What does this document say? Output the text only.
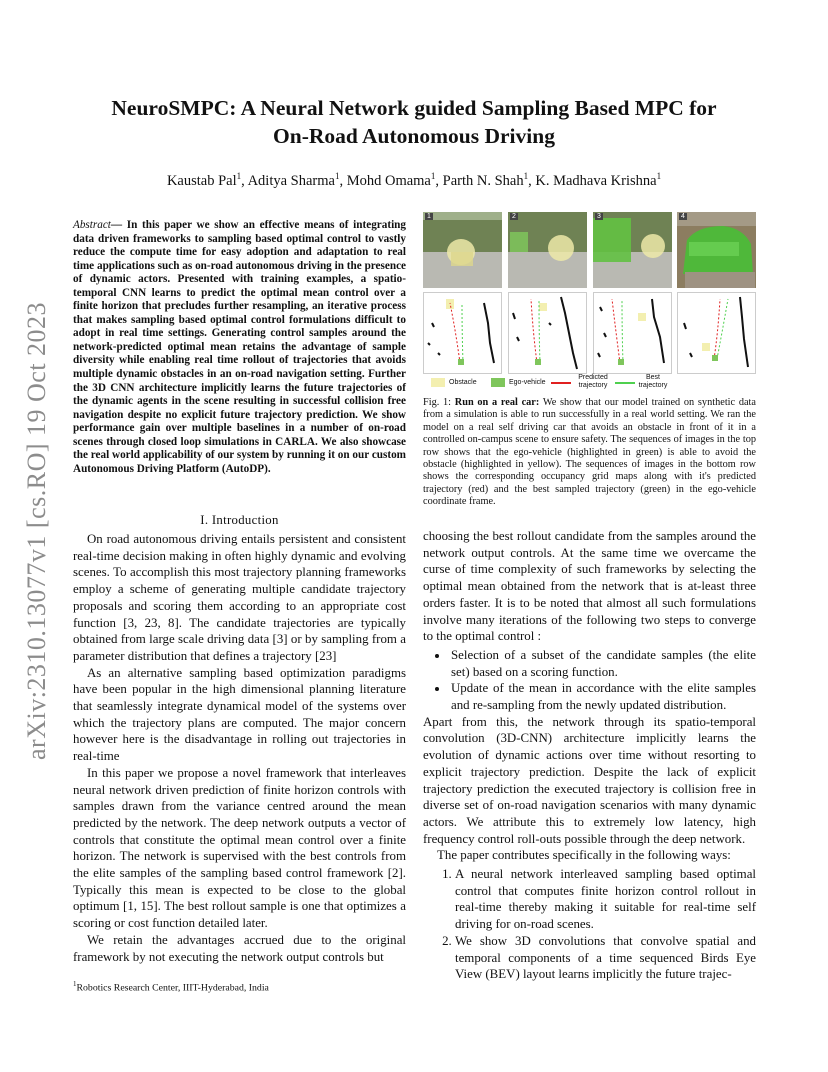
arXiv:2310.13077v1 [cs.RO] 19 Oct 2023
NeuroSMPC: A Neural Network guided Sampling Based MPC for
On-Road Autonomous Driving
Kaustab Pal$^1$, Aditya Sharma$^1$, Mohd Omama$^1$, Parth N. Shah$^1$, K. Madhava Krishna$^1$
Abstract— In this paper we show an effective means of integrating data driven frameworks to sampling based optimal control to vastly reduce the compute time for easy adoption and adaptation to real time applications such as on-road autonomous driving in the presence of dynamic actors. Presented with training examples, a spatio-temporal CNN learns to predict the optimal mean control over a finite horizon that precludes further resampling, an iterative process that makes sampling based optimal control formulations difficult to adopt in real time settings. Generating control samples around the network-predicted optimal mean retains the advantage of sample diversity while enabling real time rollout of trajectories that avoids multiple dynamic obstacles in an on-road navigation setting. Further the 3D CNN architecture implicitly learns the future trajectories of the dynamic agents in the scene resulting in successful collision free navigation despite no explicit future trajectory prediction. We show performance gain over multiple baselines in a number of on-road scenes through closed loop simulations in CARLA. We also showcase the real world applicability of our system by running it on our custom Autonomous Driving Platform (AutoDP).
I. Introduction

On road autonomous driving entails persistent and consistent real-time decision making in often highly dynamic and evolving scenes. To accomplish this most trajectory planning frameworks employ a scheme of generating multiple candidate trajectory proposals and scoring them according to an appropriate cost function [3, 23, 8]. The candidate trajectories are typically obtained from large scale driving data [3] or by sampling from a parameter distribution that defines a trajectory [23]

As an alternative sampling based optimization paradigms have been popular in the high dimensional planning literature that seamlessly integrate dynamical model of the systems over which the trajectory plans are computed. The major concern however here is the disadvantage in rolling out trajectories in real-time

In this paper we propose a novel framework that interleaves neural network driven prediction of finite horizon controls with samples drawn from the variance centred around the mean predicted by the network. The deep network outputs a vector of controls that constitute the optimal mean control over a finite horizon. The network is supervised with the best controls from the elite samples of the sampling based control framework [2]. Typically this mean is expected to be close to the global optimum [1, 15]. The best rollout sample is one that optimizes a scoring or cost function detailed later.

We retain the advantages accrued due to the original framework by not executing the network output controls but

$^1$Robotics Research Center, IIIT-Hyderabad, India
1	2	3	4
Obstacle	Ego-vehicle
Predicted trajectory
Best trajectory
Fig. 1: Run on a real car: We show that our model trained on synthetic data from a simulation is able to run successfully in a real world setting. We ran the model on a real self driving car that avoids an obstacle in front of it in a controlled on-campus scene to ensure safety. The sequences of images in the top row shows that the ego-vehicle (highlighted in green) is able to avoid the obstacle (highlighted in yellow). The sequences of images in the bottom row shows the corresponding occupancy grid maps along with it's predicted trajectory (red) and the best sampled trajectory (green) in the ego-vehicle coordinate frame.

choosing the best rollout candidate from the samples around the network output controls. At the same time we overcame the curse of time complexity of such frameworks by selecting the optimal mean obtained from the network that is at-least three orders faster. It is to be noted that almost all such formulations involve many iterations of the following two steps to converge to the optimal control :

• Selection of a subset of the candidate samples (the elite set) based on a scoring function.
• Update of the mean in accordance with the elite samples and re-sampling from the newly updated distribution.

Apart from this, the network through its spatio-temporal convolution (3D-CNN) architecture implicitly learns the evolution of dynamic actions over time without resorting to explicit trajectory prediction. Despite the lack of explicit trajectory prediction the executed trajectory is collision free in diverse set of on-road navigation scenarios with many dynamic actors. We attribute this to extremely low latency, high frequency control roll-outs possible through the deep network.

The paper contributes specifically in the following ways:

1. A neural network interleaved sampling based optimal control that computes finite horizon control rollout in real-time thereby making it suitable for real-time self driving for on-road scenes.
2. We show 3D convolutions that convolve spatial and temporal components of a time sequenced Birds Eye View (BEV) layout learns implicitly the future trajec-
